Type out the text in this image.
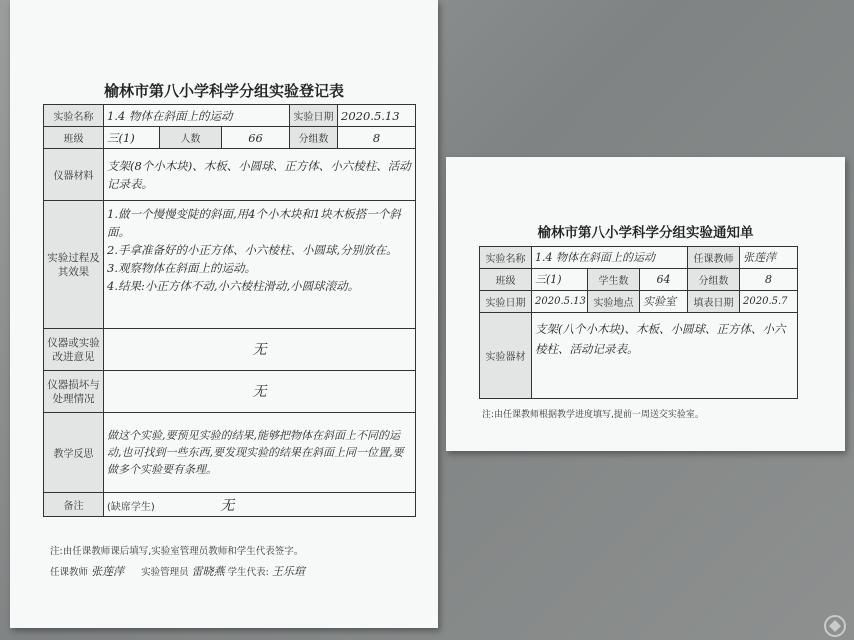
榆林市第八小学科学分组实验登记表
实验名称	1.4 物体在斜面上的运动			实验日期	2020.5.13

班级	三(1)	人数	66	分组数	8

仪器材料	支架(8个小木块)、木板、小圆球、正方体、小六棱柱、活动记录表。				

实验过程及
其效果	1.做一个慢慢变陡的斜面,用4个小木块和1块木板搭一个斜面。
2.手拿准备好的小正方体、小六棱柱、小圆球,分别放在。
3.观察物体在斜面上的运动。
4.结果:小正方体不动,小六棱柱滑动,小圆球滚动。				

仪器或实验
改进意见	无				

仪器损坏与
处理情况	无				

教学反思	做这个实验,要预见实验的结果,能够把物体在斜面上不同的运动,也可找到一些东西,要发现实验的结果在斜面上同一位置,要做多个实验要有条理。				

备注	(缺席学生) 无				
注:由任课教师课后填写,实验室管理员教师和学生代表签字。
任课教师 张莲萍 实验管理员 雷晓燕 学生代表: 王乐瑄
榆林市第八小学科学分组实验通知单
实验名称	1.4 物体在斜面上的运动			任课教师	张莲萍

班级	三(1)	学生数	64	分组数	8

实验日期	2020.5.13	实验地点	实验室	填表日期	2020.5.7

实验器材	支架(八个小木块)、木板、小圆球、正方体、小六棱柱、活动记录表。				
注:由任课教师根据教学进度填写,提前一周送交实验室。
